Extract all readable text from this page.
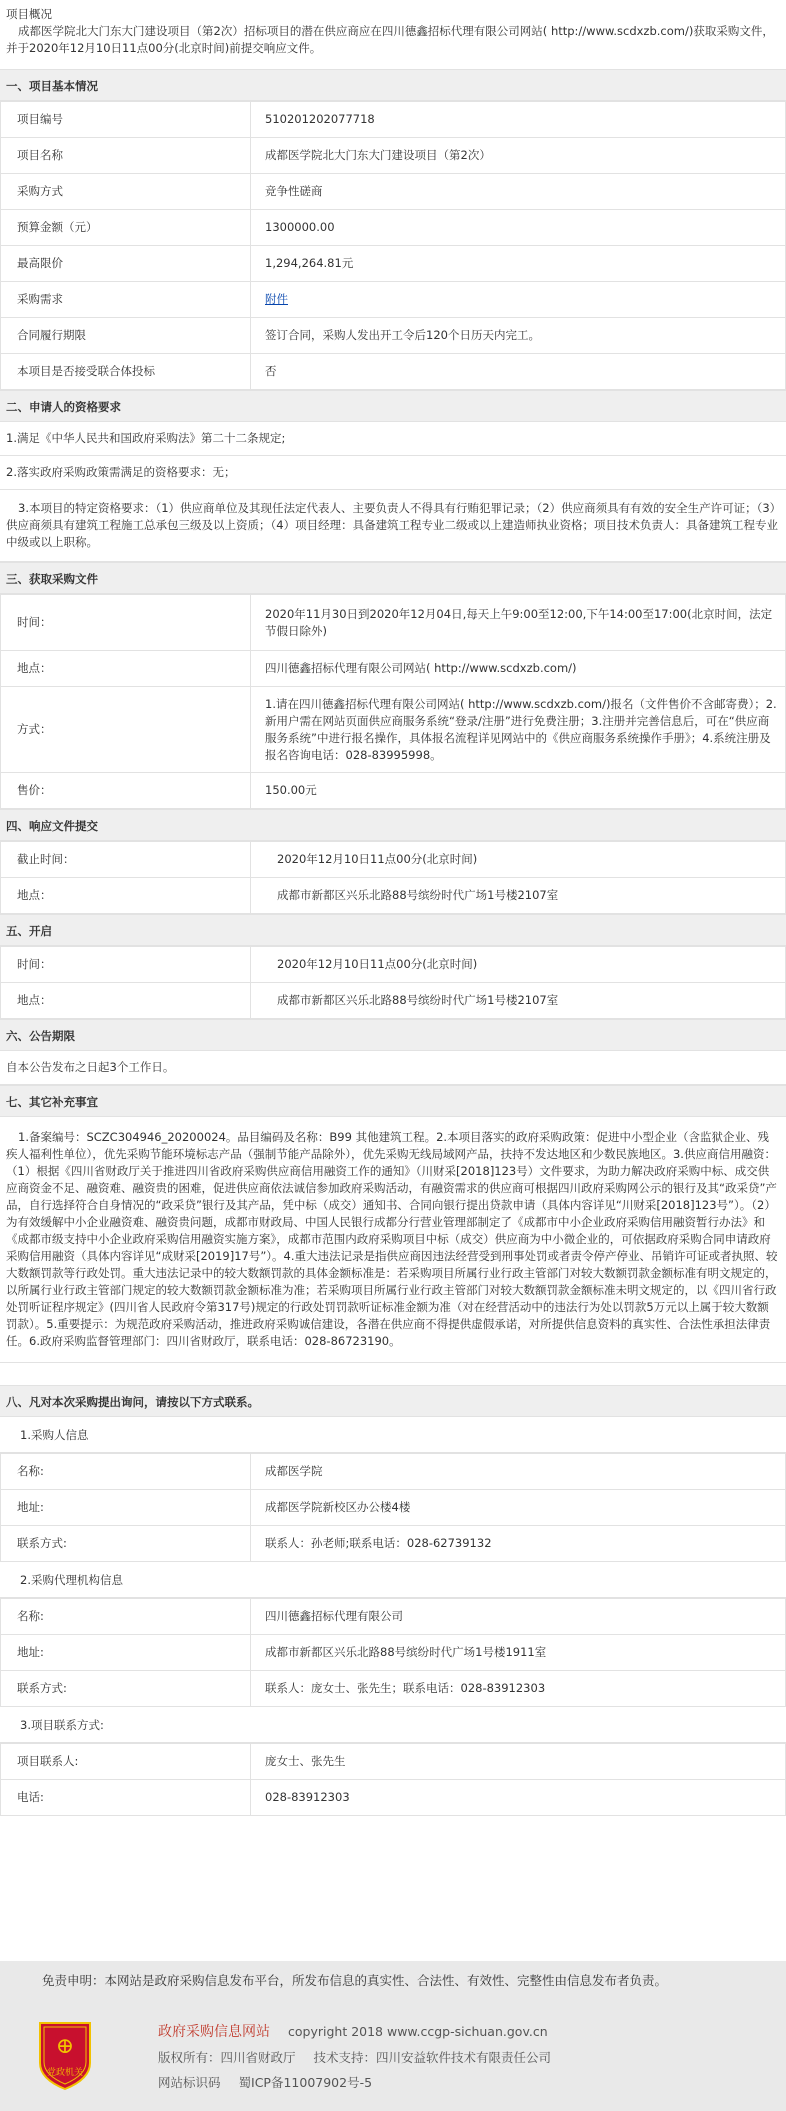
项目概况
成都医学院北大门东大门建设项目（第2次）招标项目的潜在供应商应在四川德鑫招标代理有限公司网站( http://www.scdxzb.com/)获取采购文件，并于2020年12月10日11点00分(北京时间)前提交响应文件。
一、项目基本情况
项目编号	510201202077718
项目名称	成都医学院北大门东大门建设项目（第2次）
采购方式	竞争性磋商
预算金额（元）	1300000.00
最高限价	1,294,264.81元
采购需求	附件
合同履行期限	签订合同，采购人发出开工令后120个日历天内完工。
本项目是否接受联合体投标	否
二、申请人的资格要求
1.满足《中华人民共和国政府采购法》第二十二条规定;
2.落实政府采购政策需满足的资格要求：无；
3.本项目的特定资格要求：（1）供应商单位及其现任法定代表人、主要负责人不得具有行贿犯罪记录；（2）供应商须具有有效的安全生产许可证；（3）供应商须具有建筑工程施工总承包三级及以上资质；（4）项目经理：具备建筑工程专业二级或以上建造师执业资格；项目技术负责人：具备建筑工程专业中级或以上职称。
三、获取采购文件
时间：	2020年11月30日到2020年12月04日,每天上午9:00至12:00,下午14:00至17:00(北京时间，法定节假日除外)
地点：	四川德鑫招标代理有限公司网站( http://www.scdxzb.com/)
方式：	1.请在四川德鑫招标代理有限公司网站( http://www.scdxzb.com/)报名（文件售价不含邮寄费）；2.新用户需在网站页面供应商服务系统“登录/注册”进行免费注册；3.注册并完善信息后，可在“供应商服务系统”中进行报名操作，具体报名流程详见网站中的《供应商服务系统操作手册》；4.系统注册及报名咨询电话：028-83995998。
售价：	150.00元
四、响应文件提交
截止时间：	2020年12月10日11点00分(北京时间)
地点：	成都市新都区兴乐北路88号缤纷时代广场1号楼2107室
五、开启
时间：	2020年12月10日11点00分(北京时间)
地点：	成都市新都区兴乐北路88号缤纷时代广场1号楼2107室
六、公告期限
自本公告发布之日起3个工作日。
七、其它补充事宜
1.备案编号：SCZC304946_20200024。品目编码及名称：B99 其他建筑工程。2.本项目落实的政府采购政策：促进中小型企业（含监狱企业、残疾人福利性单位），优先采购节能环境标志产品（强制节能产品除外），优先采购无线局域网产品，扶持不发达地区和少数民族地区。3.供应商信用融资：（1）根据《四川省财政厅关于推进四川省政府采购供应商信用融资工作的通知》（川财采[2018]123号）文件要求，为助力解决政府采购中标、成交供应商资金不足、融资难、融资贵的困难，促进供应商依法诚信参加政府采购活动，有融资需求的供应商可根据四川政府采购网公示的银行及其“政采贷”产品，自行选择符合自身情况的“政采贷”银行及其产品，凭中标（成交）通知书、合同向银行提出贷款申请（具体内容详见“川财采[2018]123号”）。（2）为有效缓解中小企业融资难、融资贵问题，成都市财政局、中国人民银行成都分行营业管理部制定了《成都市中小企业政府采购信用融资暂行办法》和《成都市级支持中小企业政府采购信用融资实施方案》，成都市范围内政府采购项目中标（成交）供应商为中小微企业的，可依据政府采购合同申请政府采购信用融资（具体内容详见“成财采[2019]17号”）。4.重大违法记录是指供应商因违法经营受到刑事处罚或者责令停产停业、吊销许可证或者执照、较大数额罚款等行政处罚。重大违法记录中的较大数额罚款的具体金额标准是：若采购项目所属行业行政主管部门对较大数额罚款金额标准有明文规定的，以所属行业行政主管部门规定的较大数额罚款金额标准为准；若采购项目所属行业行政主管部门对较大数额罚款金额标准未明文规定的，以《四川省行政处罚听证程序规定》(四川省人民政府令第317号)规定的行政处罚罚款听证标准金额为准（对在经营活动中的违法行为处以罚款5万元以上属于较大数额罚款）。5.重要提示：为规范政府采购活动，推进政府采购诚信建设，各潜在供应商不得提供虚假承诺，对所提供信息资料的真实性、合法性承担法律责任。6.政府采购监督管理部门：四川省财政厅，联系电话：028-86723190。
八、凡对本次采购提出询问，请按以下方式联系。
1.采购人信息
名称:	成都医学院
地址:	成都医学院新校区办公楼4楼
联系方式:	联系人：孙老师;联系电话：028-62739132
2.采购代理机构信息
名称:	四川德鑫招标代理有限公司
地址:	成都市新都区兴乐北路88号缤纷时代广场1号楼1911室
联系方式:	联系人：庞女士、张先生；联系电话：028-83912303
3.项目联系方式:
项目联系人:	庞女士、张先生
电话:	028-83912303
免责申明：本网站是政府采购信息发布平台，所发布信息的真实性、合法性、有效性、完整性由信息发布者负责。
⊕
党政机关
政府采购信息网站 copyright 2018 www.ccgp-sichuan.gov.cn
版权所有：四川省财政厅 技术支持：四川安益软件技术有限责任公司
网站标识码 蜀ICP备11007902号-5
